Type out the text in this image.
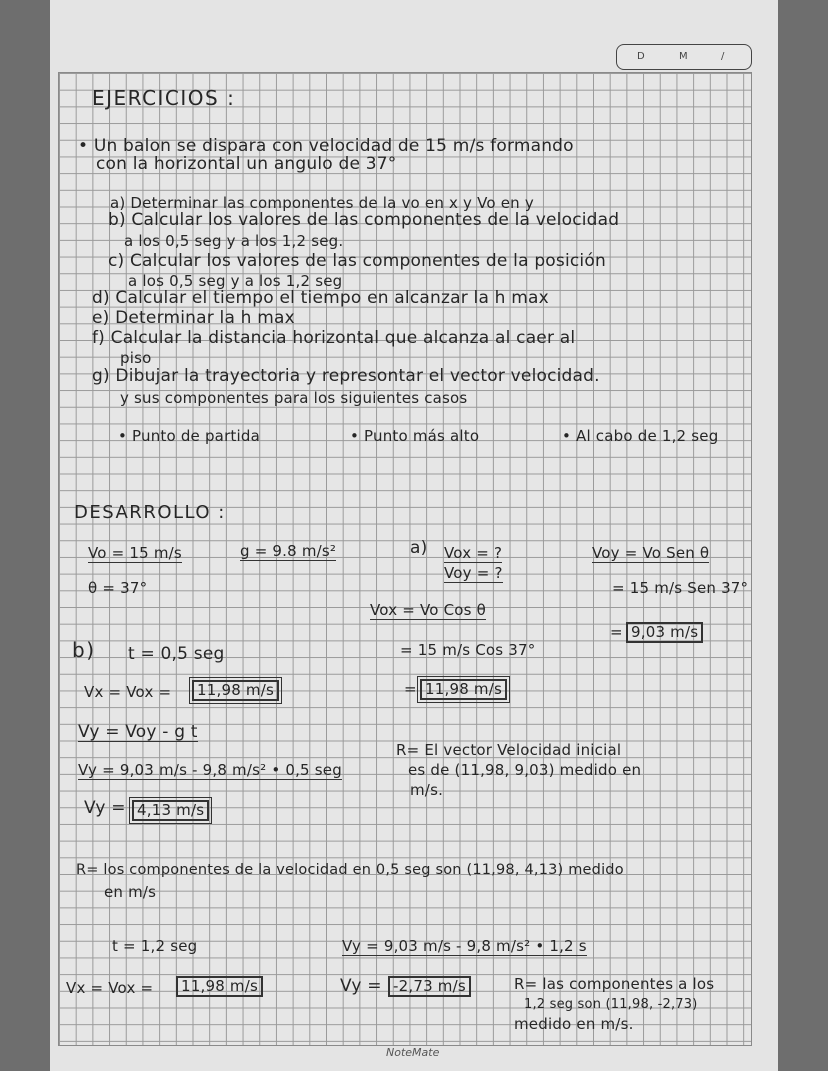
D	M	/
EJERCICIOS :
• Un balon se dispara con velocidad de 15 m/s formando
con la horizontal un angulo de 37°
a) Determinar las componentes de la vo en x y Vo en y
b) Calcular los valores de las componentes de la velocidad
a los 0,5 seg y a los 1,2 seg.
c) Calcular los valores de las componentes de la posición
a los 0,5 seg y a los 1,2 seg
d) Calcular el tiempo el tiempo en alcanzar la h max
e) Determinar la h max
f) Calcular la distancia horizontal que alcanza al caer al
piso
g) Dibujar la trayectoria y represontar el vector velocidad.
y sus componentes para los siguientes casos
• Punto de partida	• Punto más alto	• Al cabo de 1,2 seg
DESARROLLO :
Vo = 15 m/s	g = 9.8 m/s²
θ = 37°
a) Vox = ?
Voy = ?
Voy = Vo Sen θ
= 15 m/s Sen 37°
= 9,03 m/s
Vox = Vo Cos θ
= 15 m/s Cos 37°
= 11,98 m/s
b) t = 0,5 seg
Vx = Vox =	11,98 m/s
Vy = Voy - g t
Vy = 9,03 m/s - 9,8 m/s² • 0,5 seg
Vy = 4,13 m/s
R= El vector Velocidad inicial
es de (11,98, 9,03) medido en
m/s.
R= los componentes de la velocidad en 0,5 seg son (11,98, 4,13) medido
en m/s
t = 1,2 seg	Vy = 9,03 m/s - 9,8 m/s² • 1,2 s
Vx = Vox =	11,98 m/s	Vy = -2,73 m/s	R= las componentes a los
1,2 seg son (11,98, -2,73)
medido en m/s.
NoteMate
